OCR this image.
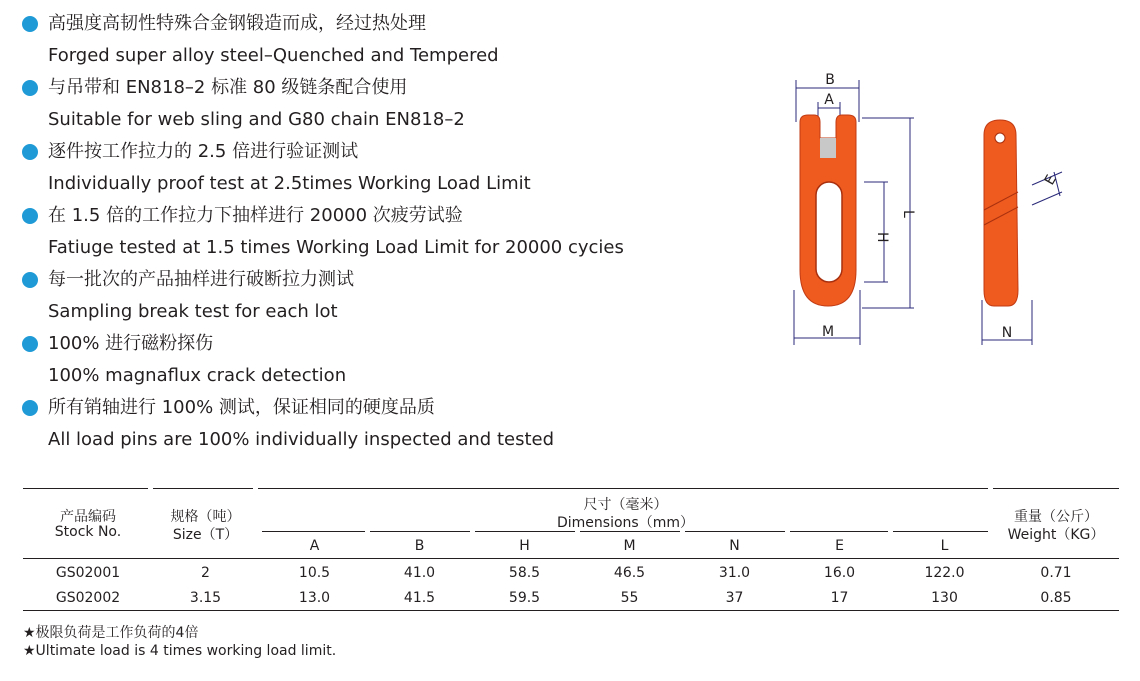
高强度高韧性特殊合金钢锻造而成，经过热处理
Forged super alloy steel–Quenched and Tempered
与吊带和 EN818–2 标准 80 级链条配合使用
Suitable for web sling and G80 chain EN818–2
逐件按工作拉力的 2.5 倍进行验证测试
Individually proof test at 2.5times Working Load Limit
在 1.5 倍的工作拉力下抽样进行 20000 次疲劳试验
Fatiuge tested at 1.5 times Working Load Limit for 20000 cycies
每一批次的产品抽样进行破断拉力测试
Sampling break test for each lot
100% 进行磁粉探伤
100% magnaflux crack detection
所有销轴进行 100% 测试，保证相同的硬度品质
All load pins are 100% individually inspected and tested
B
A
H
L
M
E
N
产品编码
Stock No.
规格（吨）
Size（T）
尺寸（毫米）
Dimensions（mm）	重量（公斤）
Weight（KG）
A	B	H	M	N	E	L
GS02001	2	10.5	41.0	58.5	46.5	31.0	16.0	122.0	0.71
GS02002	3.15	13.0	41.5	59.5	55	37	17	130	0.85
★极限负荷是工作负荷的4倍
★Ultimate load is 4 times working load limit.
